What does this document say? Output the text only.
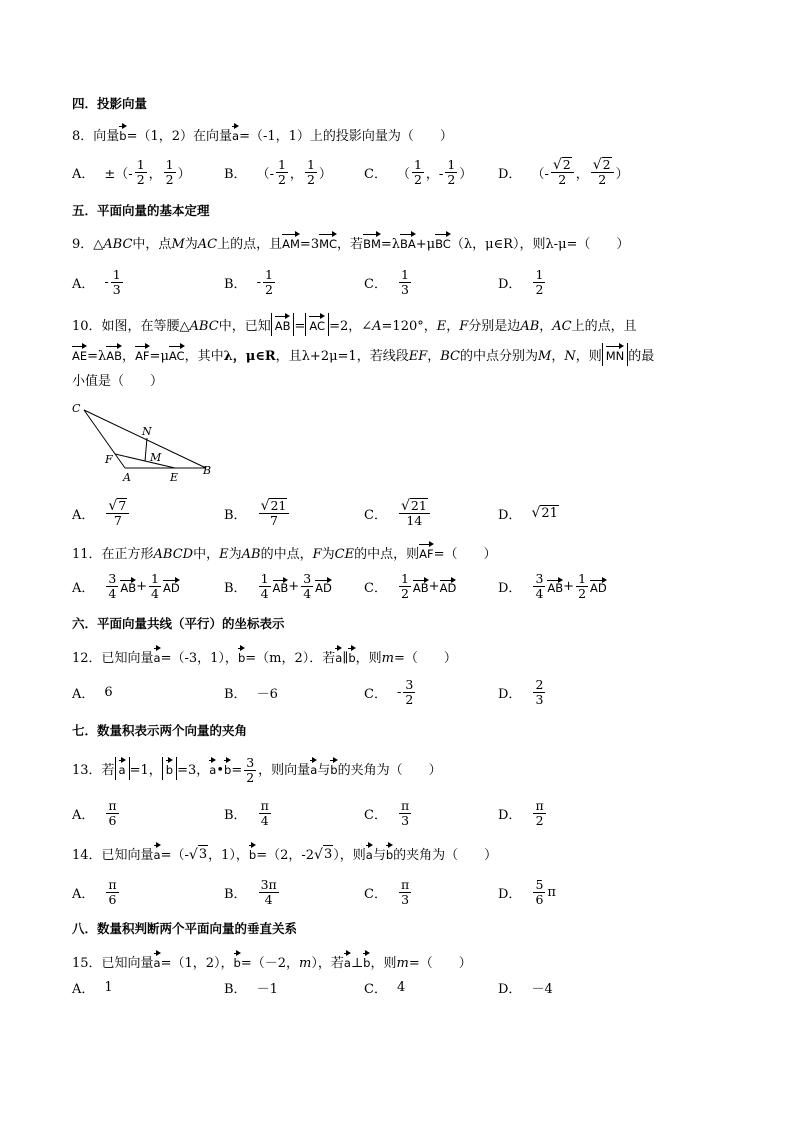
四．投影向量
8．向量b=（1，2）在向量a=（-1，1）上的投影向量为（　　）
A． ±（- $\frac{1}{2}$ ， $\frac{1}{2}$ ）	B． （- $\frac{1}{2}$ ， $\frac{1}{2}$ ） C． （ $\frac{1}{2}$ ，- $\frac{1}{2}$ ） D． （- $\frac{√ 2}{2}$ ， $\frac{√ 2}{2}$ ）
五．平面向量的基本定理
9．△ABC中，点M为AC上的点，且AM=3MC，若BM=λBA+μBC（λ，μ∈R），则λ-μ=（　　）
A． - $\frac{1}{3}$	B． - $\frac{1}{2}$	C． $\frac{1}{3}$	D． $\frac{1}{2}$
10．如图，在等腰△ABC中，已知 AB = AC =2，∠A=120°，E，F分别是边AB，AC上的点，且
AE=λAB，AF=μAC，其中λ，μ∈R，且λ+2μ=1，若线段EF，BC的中点分别为M，N，则 MN 的最
小值是（　　）
C
N
M
F
A	E
B
A． $\frac{√ 7}{7}$	B． $\frac{√ 21}{7}$	C． $\frac{√ 21}{14}$	D． √ 21
11．在正方形ABCD中，E为AB的中点，F为CE的中点，则AF=（　　）
A． $\frac{3}{4}$ AB + $\frac{1}{4}$ AD	B． $\frac{1}{4}$ AB + $\frac{3}{4}$ AD C． $\frac{1}{2}$ AB + AD	D． $\frac{3}{4}$ AB + $\frac{1}{2}$ AD
六．平面向量共线（平行）的坐标表示
12．已知向量a=（-3，1），b=（m，2）．若a∥b，则m=（　　）
A． 6	B． －6	C． - $\frac{3}{2}$	D． $\frac{2}{3}$
七．数量积表示两个向量的夹角
13．若 a =1， b =3，a•b= $\frac{3}{2}$ ，则向量a与b的夹角为（　　）
A． $\frac{\pi}{6}$	B． $\frac{\pi}{4}$	C． $\frac{\pi}{3}$	D． $\frac{\pi}{2}$
14．已知向量a=（- √ 3 ，1），b=（2，-2 √ 3 ），则a与b的夹角为（　　）
A． $\frac{\pi}{6}$	B． $\frac{3\pi}{4}$	C． $\frac{\pi}{3}$	D． $\frac{5}{6}$ π
八．数量积判断两个平面向量的垂直关系
15．已知向量a=（1，2），b=（－2，m），若a⊥b，则m=（　　）
A． 1	B． －1	C． 4	D． －4
